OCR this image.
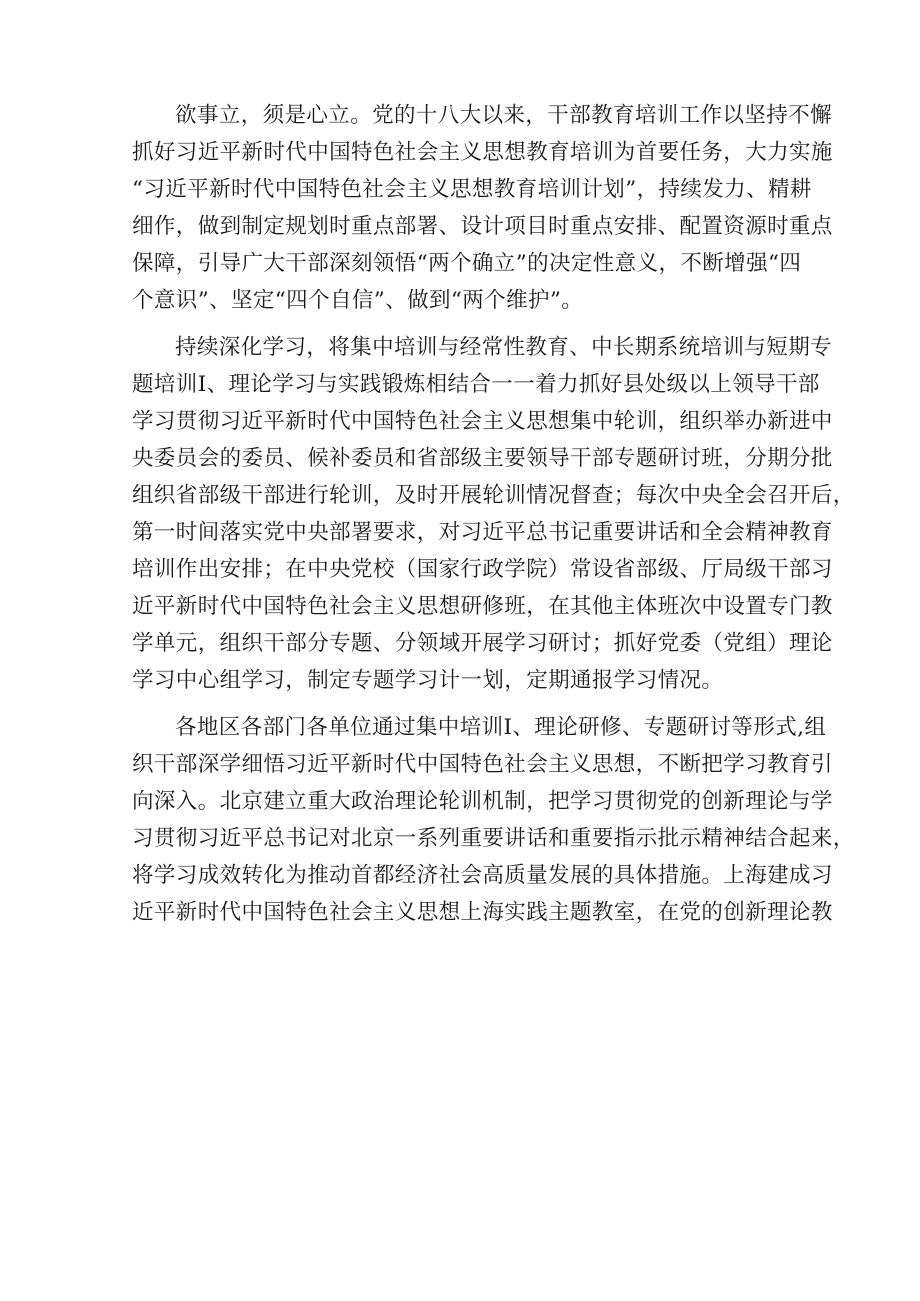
欲事立，须是心立。党的十八大以来，干部教育培训工作以坚持不懈
抓好习近平新时代中国特色社会主义思想教育培训为首要任务，大力实施
“习近平新时代中国特色社会主义思想教育培训计划”，持续发力、精耕
细作，做到制定规划时重点部署、设计项目时重点安排、配置资源时重点
保障，引导广大干部深刻领悟“两个确立”的决定性意义，不断增强“四
个意识”、坚定“四个自信”、做到“两个维护”。
持续深化学习，将集中培训与经常性教育、中长期系统培训与短期专
题培训Ⅰ、理论学习与实践锻炼相结合一一着力抓好县处级以上领导干部
学习贯彻习近平新时代中国特色社会主义思想集中轮训，组织举办新进中
央委员会的委员、候补委员和省部级主要领导干部专题研讨班，分期分批
组织省部级干部进行轮训，及时开展轮训情况督查；每次中央全会召开后，
第一时间落实党中央部署要求，对习近平总书记重要讲话和全会精神教育
培训作出安排；在中央党校（国家行政学院）常设省部级、厅局级干部习
近平新时代中国特色社会主义思想研修班，在其他主体班次中设置专门教
学单元，组织干部分专题、分领域开展学习研讨；抓好党委（党组）理论
学习中心组学习，制定专题学习计一划，定期通报学习情况。
各地区各部门各单位通过集中培训Ⅰ、理论研修、专题研讨等形式,组
织干部深学细悟习近平新时代中国特色社会主义思想，不断把学习教育引
向深入。北京建立重大政治理论轮训机制，把学习贯彻党的创新理论与学
习贯彻习近平总书记对北京一系列重要讲话和重要指示批示精神结合起来，
将学习成效转化为推动首都经济社会高质量发展的具体措施。上海建成习
近平新时代中国特色社会主义思想上海实践主题教室，在党的创新理论教
